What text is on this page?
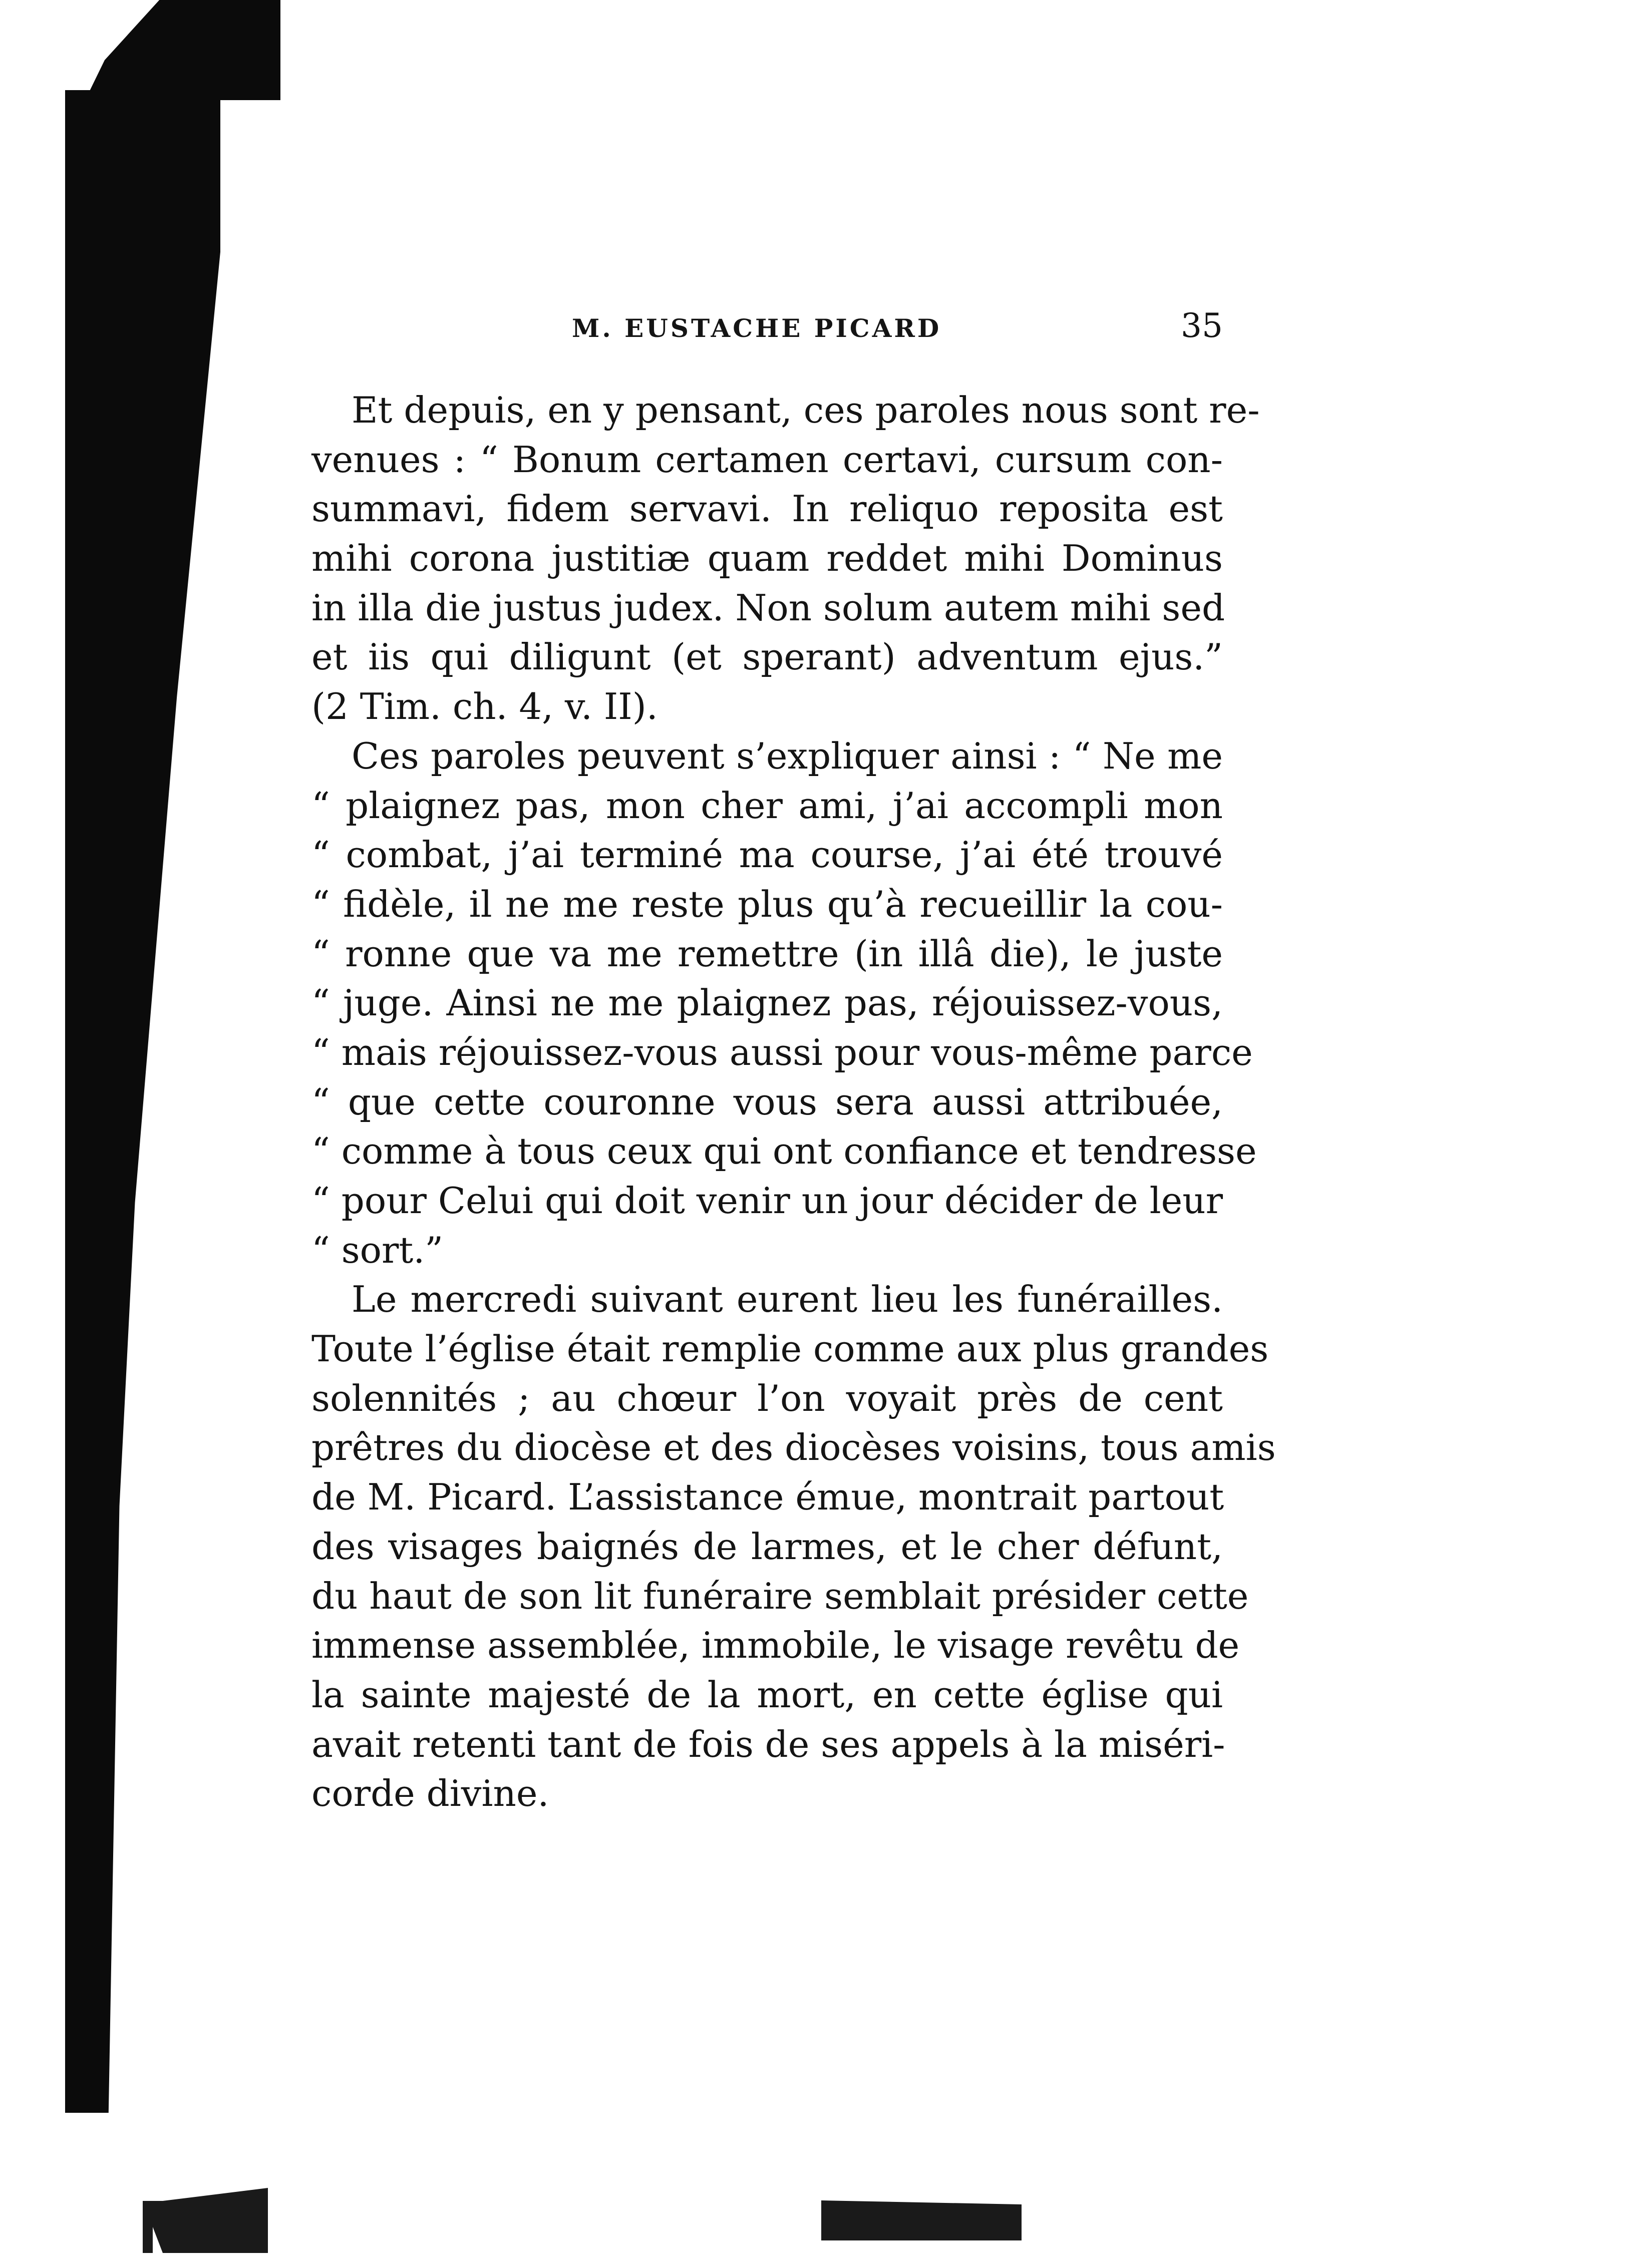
M. EUSTACHE PICARD	35
Et depuis, en y pensant, ces paroles nous sont re-
venues : “ Bonum certamen certavi, cursum con-
summavi, fidem servavi. In reliquo reposita est
mihi corona justitiæ quam reddet mihi Dominus
in illa die justus judex. Non solum autem mihi sed
et iis qui diligunt (et sperant) adventum ejus.”
(2 Tim. ch. 4, v. II).
Ces paroles peuvent s’expliquer ainsi : “ Ne me
“ plaignez pas, mon cher ami, j’ai accompli mon
“ combat, j’ai terminé ma course, j’ai été trouvé
“ fidèle, il ne me reste plus qu’à recueillir la cou-
“ ronne que va me remettre (in illâ die), le juste
“ juge. Ainsi ne me plaignez pas, réjouissez-vous,
“ mais réjouissez-vous aussi pour vous-même parce
“ que cette couronne vous sera aussi attribuée,
“ comme à tous ceux qui ont confiance et tendresse
“ pour Celui qui doit venir un jour décider de leur
“ sort.”
Le mercredi suivant eurent lieu les funérailles.
Toute l’église était remplie comme aux plus grandes
solennités ; au chœur l’on voyait près de cent
prêtres du diocèse et des diocèses voisins, tous amis
de M. Picard. L’assistance émue, montrait partout
des visages baignés de larmes, et le cher défunt,
du haut de son lit funéraire semblait présider cette
immense assemblée, immobile, le visage revêtu de
la sainte majesté de la mort, en cette église qui
avait retenti tant de fois de ses appels à la miséri-
corde divine.
